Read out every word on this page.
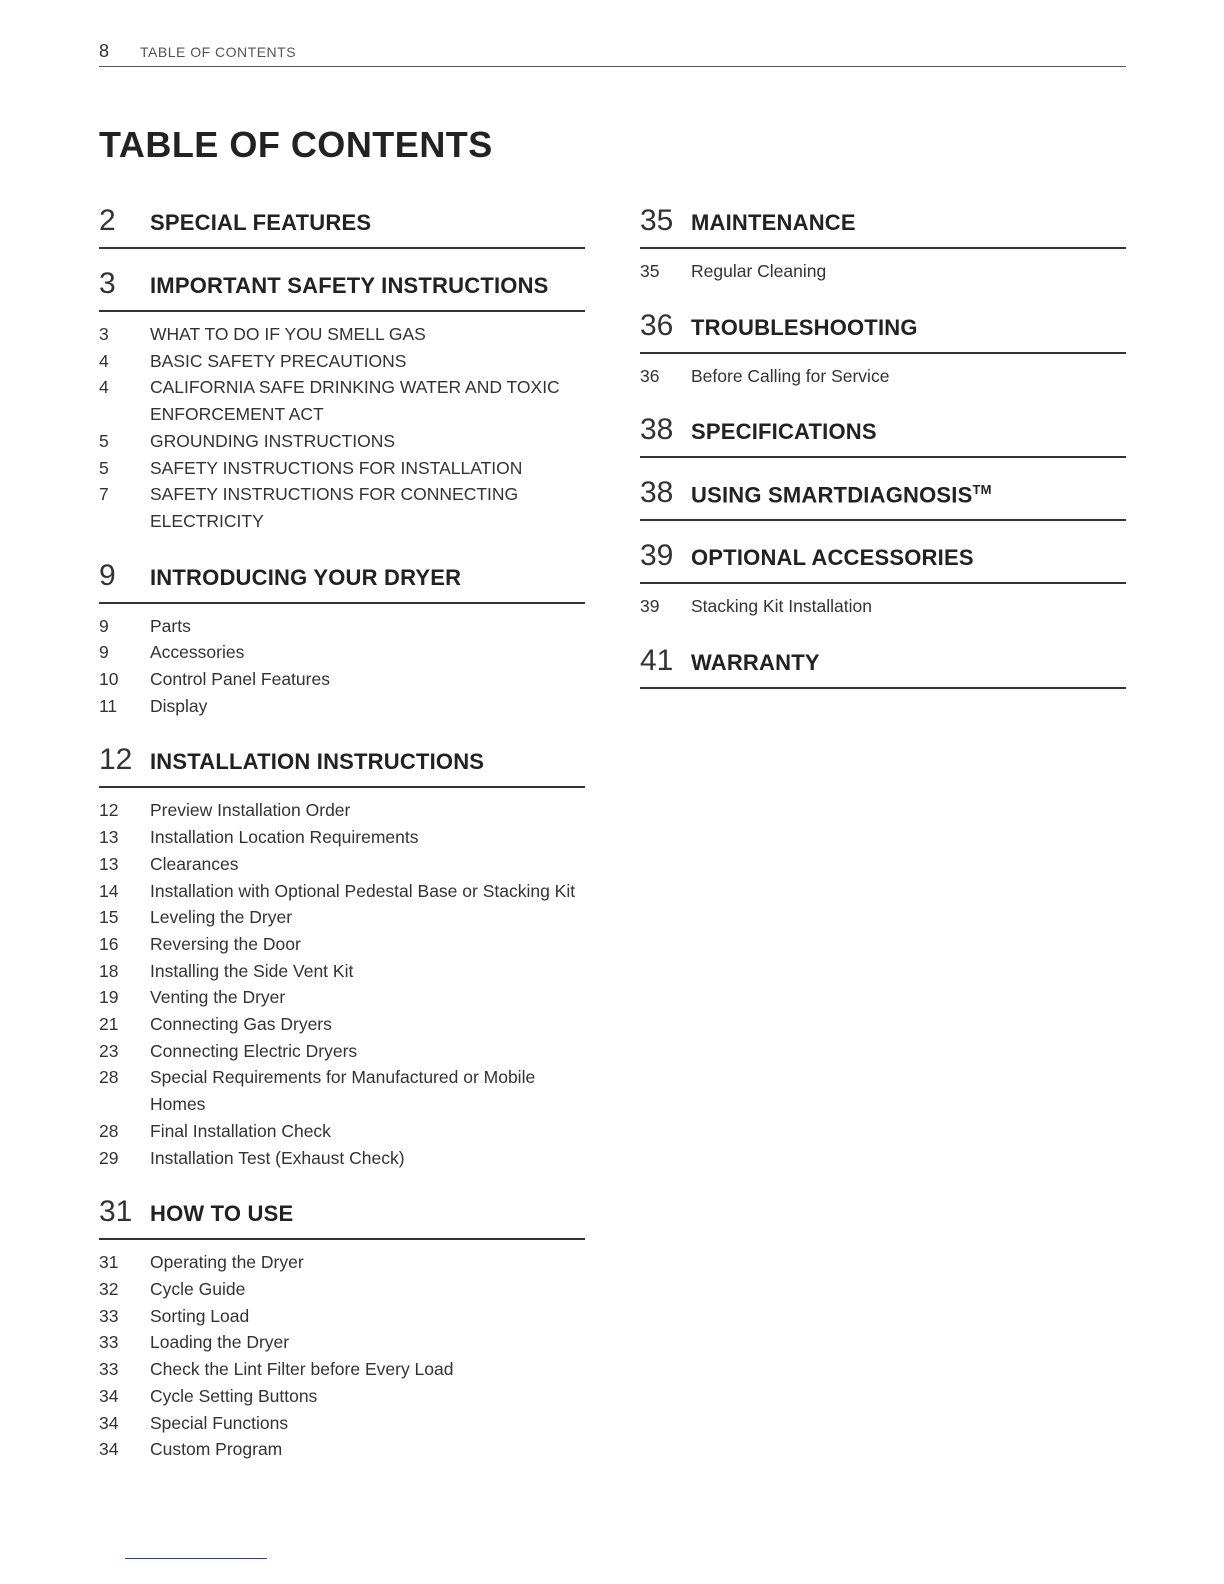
8 TABLE OF CONTENTS
TABLE OF CONTENTS
2 SPECIAL FEATURES
3 IMPORTANT SAFETY INSTRUCTIONS
3 WHAT TO DO IF YOU SMELL GAS
4 BASIC SAFETY PRECAUTIONS
4 CALIFORNIA SAFE DRINKING WATER AND TOXIC ENFORCEMENT ACT
5 GROUNDING INSTRUCTIONS
5 SAFETY INSTRUCTIONS FOR INSTALLATION
7 SAFETY INSTRUCTIONS FOR CONNECTING ELECTRICITY
9 INTRODUCING YOUR DRYER
9 Parts
9 Accessories
10 Control Panel Features
11 Display
12 INSTALLATION INSTRUCTIONS
12 Preview Installation Order
13 Installation Location Requirements
13 Clearances
14 Installation with Optional Pedestal Base or Stacking Kit
15 Leveling the Dryer
16 Reversing the Door
18 Installing the Side Vent Kit
19 Venting the Dryer
21 Connecting Gas Dryers
23 Connecting Electric Dryers
28 Special Requirements for Manufactured or Mobile Homes
28 Final Installation Check
29 Installation Test (Exhaust Check)
31 HOW TO USE
31 Operating the Dryer
32 Cycle Guide
33 Sorting Load
33 Loading the Dryer
33 Check the Lint Filter before Every Load
34 Cycle Setting Buttons
34 Special Functions
34 Custom Program
35 MAINTENANCE
35 Regular Cleaning
36 TROUBLESHOOTING
36 Before Calling for Service
38 SPECIFICATIONS
38 USING SMARTDIAGNOSIS™
39 OPTIONAL ACCESSORIES
39 Stacking Kit Installation
41 WARRANTY
